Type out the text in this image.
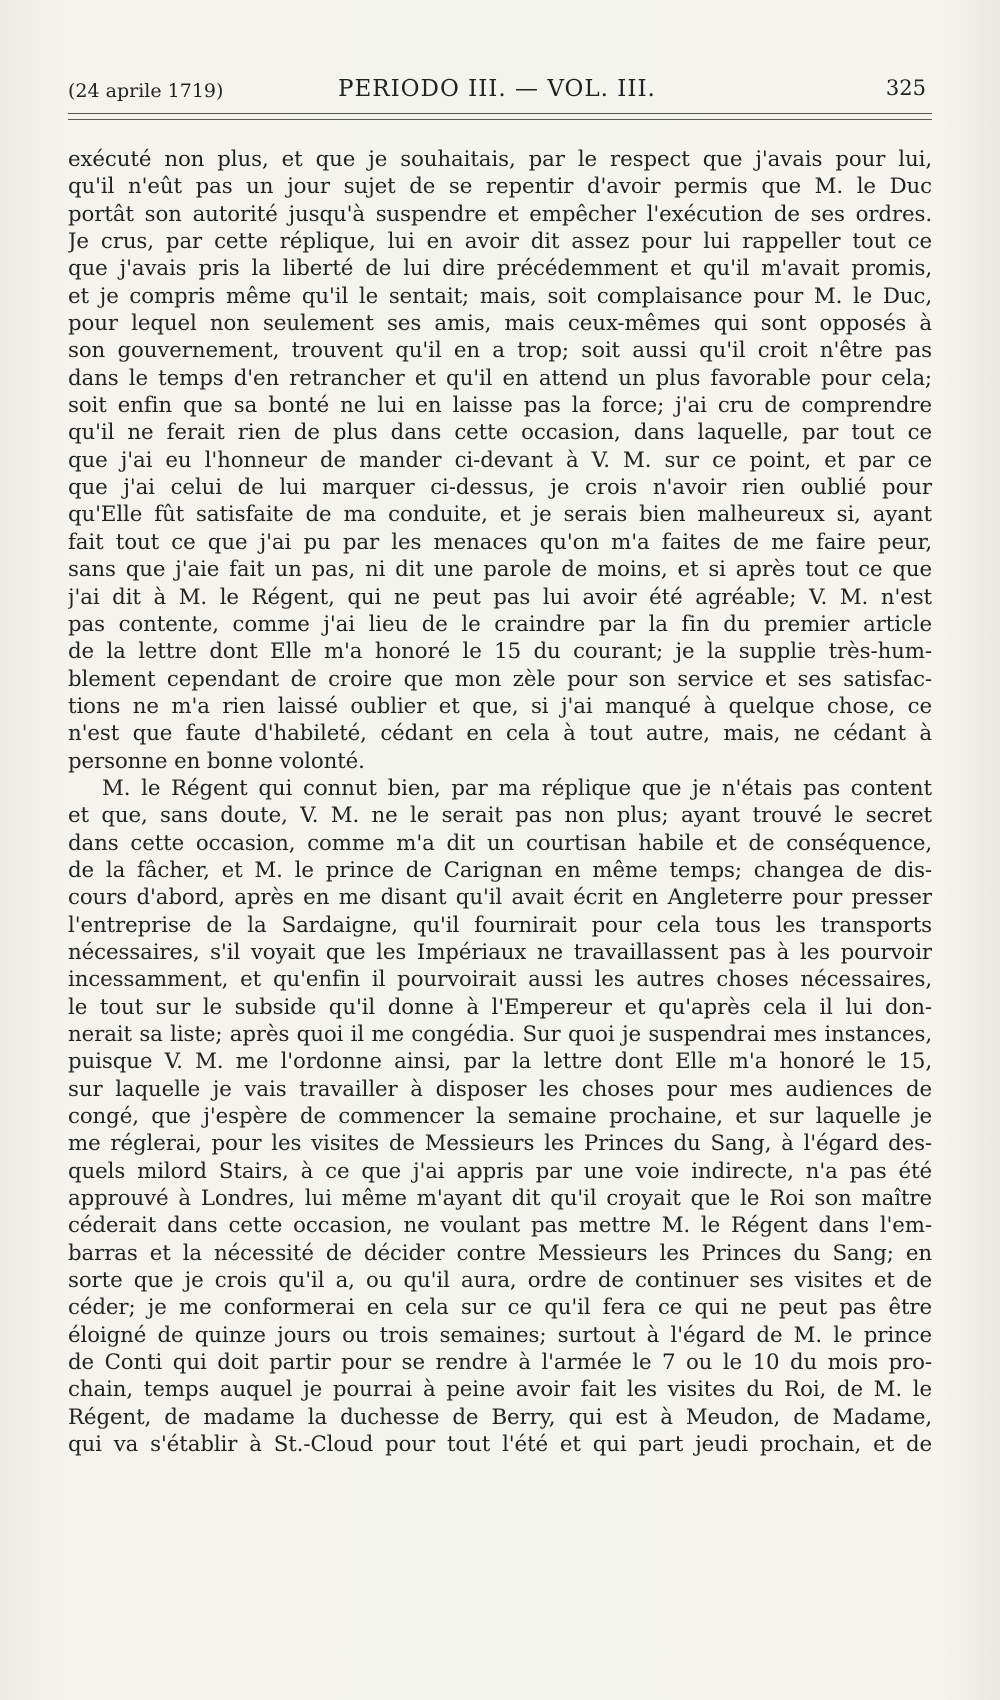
(24 aprile 1719)	PERIODO III. — VOL. III.	325
exécuté non plus, et que je souhaitais, par le respect que j'avais pour lui,
qu'il n'eût pas un jour sujet de se repentir d'avoir permis que M. le Duc
portât son autorité jusqu'à suspendre et empêcher l'exécution de ses ordres.
Je crus, par cette réplique, lui en avoir dit assez pour lui rappeller tout ce
que j'avais pris la liberté de lui dire précédemment et qu'il m'avait promis,
et je compris même qu'il le sentait; mais, soit complaisance pour M. le Duc,
pour lequel non seulement ses amis, mais ceux-mêmes qui sont opposés à
son gouvernement, trouvent qu'il en a trop; soit aussi qu'il croit n'être pas
dans le temps d'en retrancher et qu'il en attend un plus favorable pour cela;
soit enfin que sa bonté ne lui en laisse pas la force; j'ai cru de comprendre
qu'il ne ferait rien de plus dans cette occasion, dans laquelle, par tout ce
que j'ai eu l'honneur de mander ci-devant à V. M. sur ce point, et par ce
que j'ai celui de lui marquer ci-dessus, je crois n'avoir rien oublié pour
qu'Elle fût satisfaite de ma conduite, et je serais bien malheureux si, ayant
fait tout ce que j'ai pu par les menaces qu'on m'a faites de me faire peur,
sans que j'aie fait un pas, ni dit une parole de moins, et si après tout ce que
j'ai dit à M. le Régent, qui ne peut pas lui avoir été agréable; V. M. n'est
pas contente, comme j'ai lieu de le craindre par la fin du premier article
de la lettre dont Elle m'a honoré le 15 du courant; je la supplie très-hum-
blement cependant de croire que mon zèle pour son service et ses satisfac-
tions ne m'a rien laissé oublier et que, si j'ai manqué à quelque chose, ce
n'est que faute d'habileté, cédant en cela à tout autre, mais, ne cédant à
personne en bonne volonté.
M. le Régent qui connut bien, par ma réplique que je n'étais pas content
et que, sans doute, V. M. ne le serait pas non plus; ayant trouvé le secret
dans cette occasion, comme m'a dit un courtisan habile et de conséquence,
de la fâcher, et M. le prince de Carignan en même temps; changea de dis-
cours d'abord, après en me disant qu'il avait écrit en Angleterre pour presser
l'entreprise de la Sardaigne, qu'il fournirait pour cela tous les transports
nécessaires, s'il voyait que les Impériaux ne travaillassent pas à les pourvoir
incessamment, et qu'enfin il pourvoirait aussi les autres choses nécessaires,
le tout sur le subside qu'il donne à l'Empereur et qu'après cela il lui don-
nerait sa liste; après quoi il me congédia. Sur quoi je suspendrai mes instances,
puisque V. M. me l'ordonne ainsi, par la lettre dont Elle m'a honoré le 15,
sur laquelle je vais travailler à disposer les choses pour mes audiences de
congé, que j'espère de commencer la semaine prochaine, et sur laquelle je
me réglerai, pour les visites de Messieurs les Princes du Sang, à l'égard des-
quels milord Stairs, à ce que j'ai appris par une voie indirecte, n'a pas été
approuvé à Londres, lui même m'ayant dit qu'il croyait que le Roi son maître
céderait dans cette occasion, ne voulant pas mettre M. le Régent dans l'em-
barras et la nécessité de décider contre Messieurs les Princes du Sang; en
sorte que je crois qu'il a, ou qu'il aura, ordre de continuer ses visites et de
céder; je me conformerai en cela sur ce qu'il fera ce qui ne peut pas être
éloigné de quinze jours ou trois semaines; surtout à l'égard de M. le prince
de Conti qui doit partir pour se rendre à l'armée le 7 ou le 10 du mois pro-
chain, temps auquel je pourrai à peine avoir fait les visites du Roi, de M. le
Régent, de madame la duchesse de Berry, qui est à Meudon, de Madame,
qui va s'établir à St.-Cloud pour tout l'été et qui part jeudi prochain, et de
